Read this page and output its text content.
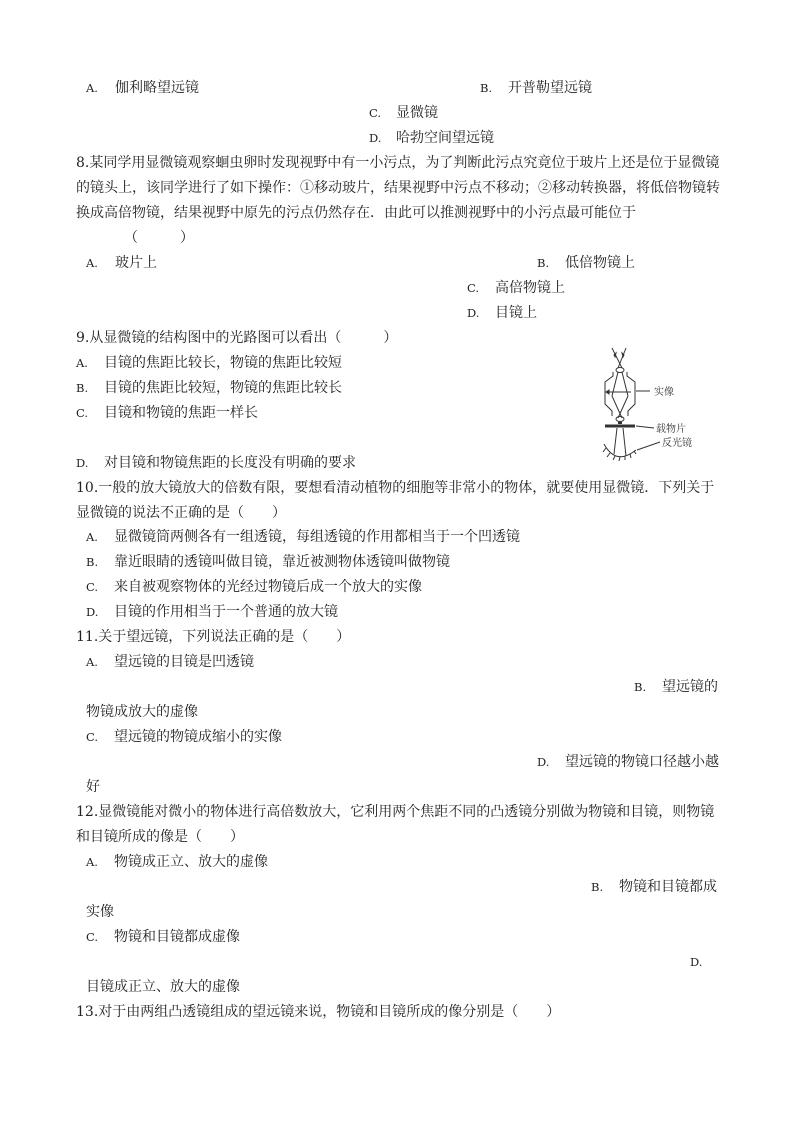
A. 伽利略望远镜	B. 开普勒望远镜
C. 显微镜
D. 哈勃空间望远镜
8.某同学用显微镜观察蛔虫卵时发现视野中有一小污点，为了判断此污点究竟位于玻片上还是位于显微镜
的镜头上，该同学进行了如下操作：①移动玻片，结果视野中污点不移动；②移动转换器，将低倍物镜转
换成高倍物镜，结果视野中原先的污点仍然存在．由此可以推测视野中的小污点最可能位于
（　　　）
A. 玻片上	B. 低倍物镜上
C. 高倍物镜上
D. 目镜上
9.从显微镜的结构图中的光路图可以看出（　　　）
A. 目镜的焦距比较长，物镜的焦距比较短
B. 目镜的焦距比较短，物镜的焦距比较长
C. 目镜和物镜的焦距一样长
D. 对目镜和物镜焦距的长度没有明确的要求
实像
载物片
反光镜
10.一般的放大镜放大的倍数有限，要想看清动植物的细胞等非常小的物体，就要使用显微镜．下列关于
显微镜的说法不正确的是（　　）
A. 显微镜筒两侧各有一组透镜，每组透镜的作用都相当于一个凹透镜
B. 靠近眼睛的透镜叫做目镜，靠近被测物体透镜叫做物镜
C. 来自被观察物体的光经过物镜后成一个放大的实像
D. 目镜的作用相当于一个普通的放大镜
11.关于望远镜，下列说法正确的是（　　）
A. 望远镜的目镜是凹透镜
B. 望远镜的
物镜成放大的虚像
C. 望远镜的物镜成缩小的实像
D. 望远镜的物镜口径越小越
好
12.显微镜能对微小的物体进行高倍数放大，它利用两个焦距不同的凸透镜分别做为物镜和目镜，则物镜
和目镜所成的像是（　　）
A. 物镜成正立、放大的虚像
B. 物镜和目镜都成
实像
C. 物镜和目镜都成虚像
D.
目镜成正立、放大的虚像
13.对于由两组凸透镜组成的望远镜来说，物镜和目镜所成的像分别是（　　）
